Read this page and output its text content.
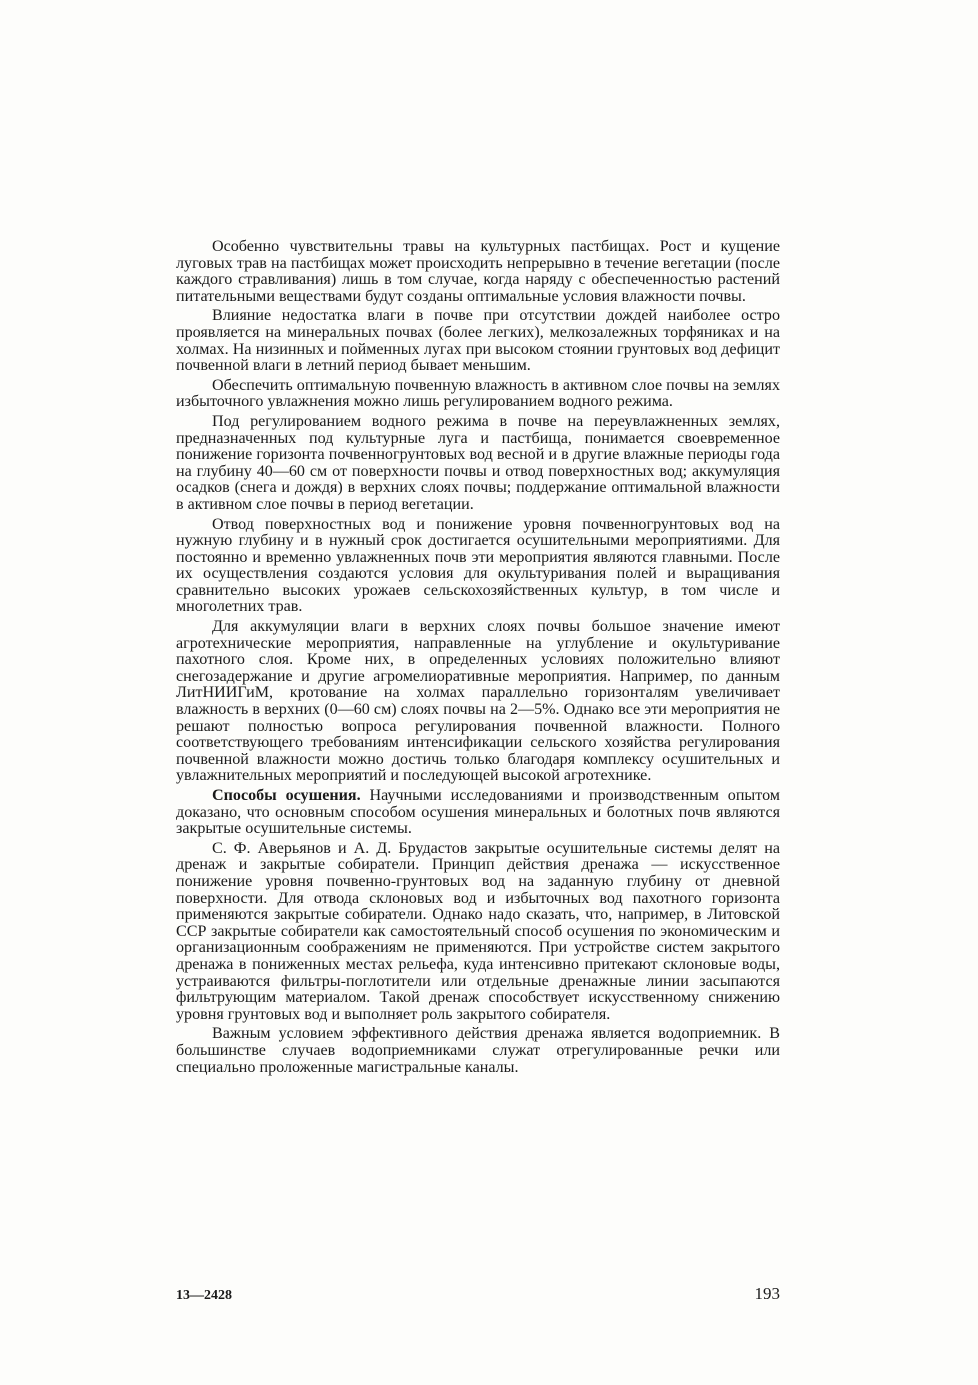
Особенно чувствительны травы на культурных пастбищах. Рост и кущение луговых трав на пастбищах может происходить непрерывно в течение вегетации (после каждого стравливания) лишь в том случае, когда наряду с обеспеченностью растений питательными веществами будут созданы оптимальные условия влажности почвы.

Влияние недостатка влаги в почве при отсутствии дождей наиболее остро проявляется на минеральных почвах (более легких), мелкозалежных торфяниках и на холмах. На низинных и пойменных лугах при высоком стоянии грунтовых вод дефицит почвенной влаги в летний период бывает меньшим.

Обеспечить оптимальную почвенную влажность в активном слое почвы на землях избыточного увлажнения можно лишь регулированием водного режима.

Под регулированием водного режима в почве на переувлажненных землях, предназначенных под культурные луга и пастбища, понимается своевременное понижение горизонта почвенногрунтовых вод весной и в другие влажные периоды года на глубину 40—60 см от поверхности почвы и отвод поверхностных вод; аккумуляция осадков (снега и дождя) в верхних слоях почвы; поддержание оптимальной влажности в активном слое почвы в период вегетации.

Отвод поверхностных вод и понижение уровня почвенногрунтовых вод на нужную глубину и в нужный срок достигается осушительными мероприятиями. Для постоянно и временно увлажненных почв эти мероприятия являются главными. После их осуществления создаются условия для окультуривания полей и выращивания сравнительно высоких урожаев сельскохозяйственных культур, в том числе и многолетних трав.

Для аккумуляции влаги в верхних слоях почвы большое значение имеют агротехнические мероприятия, направленные на углубление и окультуривание пахотного слоя. Кроме них, в определенных условиях положительно влияют снегозадержание и другие агромелиоративные мероприятия. Например, по данным ЛитНИИГиМ, кротование на холмах параллельно горизонталям увеличивает влажность в верхних (0—60 см) слоях почвы на 2—5%. Однако все эти мероприятия не решают полностью вопроса регулирования почвенной влажности. Полного соответствующего требованиям интенсификации сельского хозяйства регулирования почвенной влажности можно достичь только благодаря комплексу осушительных и увлажнительных мероприятий и последующей высокой агротехнике.

Способы осушения. Научными исследованиями и производственным опытом доказано, что основным способом осушения минеральных и болотных почв являются закрытые осушительные системы.

С. Ф. Аверьянов и А. Д. Брудастов закрытые осушительные системы делят на дренаж и закрытые собиратели. Принцип действия дренажа — искусственное понижение уровня почвенно-грунтовых вод на заданную глубину от дневной поверхности. Для отвода склоновых вод и избыточных вод пахотного горизонта применяются закрытые собиратели. Однако надо сказать, что, например, в Литовской ССР закрытые собиратели как самостоятельный способ осушения по экономическим и организационным соображениям не применяются. При устройстве систем закрытого дренажа в пониженных местах рельефа, куда интенсивно притекают склоновые воды, устраиваются фильтры-поглотители или отдельные дренажные линии засыпаются фильтрующим материалом. Такой дренаж способствует искусственному снижению уровня грунтовых вод и выполняет роль закрытого собирателя.

Важным условием эффективного действия дренажа является водоприемник. В большинстве случаев водоприемниками служат отрегулированные речки или специально проложенные магистральные каналы.

13—2428	193
